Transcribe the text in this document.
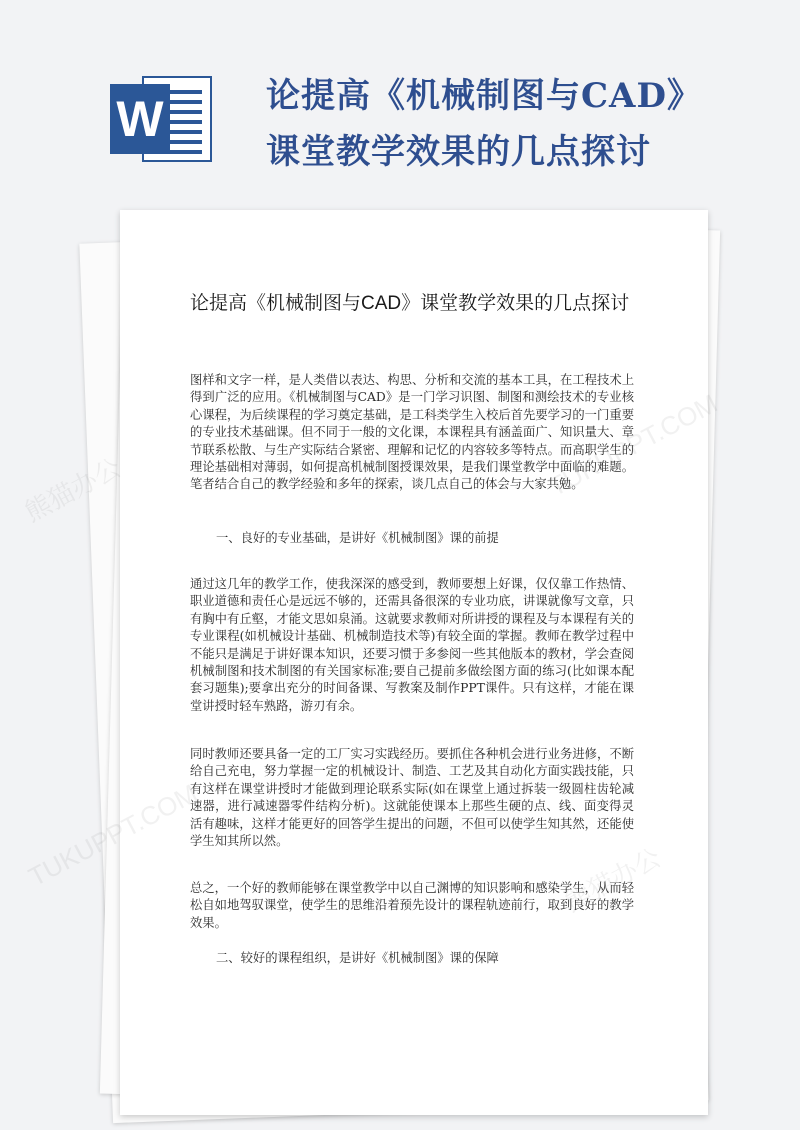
W	论提高《机械制图与CAD》
课堂教学效果的几点探讨
论提高《机械制图与CAD》课堂教学效果的几点探讨

图样和文字一样，是人类借以表达、构思、分析和交流的基本工具，在工程技术上得到广泛的应用。《机械制图与CAD》是一门学习识图、制图和测绘技术的专业核心课程，为后续课程的学习奠定基础，是工科类学生入校后首先要学习的一门重要的专业技术基础课。但不同于一般的文化课，本课程具有涵盖面广、知识量大、章节联系松散、与生产实际结合紧密、理解和记忆的内容较多等特点。而高职学生的理论基础相对薄弱，如何提高机械制图授课效果，是我们课堂教学中面临的难题。笔者结合自己的教学经验和多年的探索，谈几点自己的体会与大家共勉。

一、良好的专业基础，是讲好《机械制图》课的前提

通过这几年的教学工作，使我深深的感受到，教师要想上好课，仅仅靠工作热情、职业道德和责任心是远远不够的，还需具备很深的专业功底，讲课就像写文章，只有胸中有丘壑，才能文思如泉涌。这就要求教师对所讲授的课程及与本课程有关的专业课程(如机械设计基础、机械制造技术等)有较全面的掌握。教师在教学过程中不能只是满足于讲好课本知识，还要习惯于多参阅一些其他版本的教材，学会查阅机械制图和技术制图的有关国家标准;要自己提前多做绘图方面的练习(比如课本配套习题集);要拿出充分的时间备课、写教案及制作PPT课件。只有这样，才能在课堂讲授时轻车熟路，游刃有余。

同时教师还要具备一定的工厂实习实践经历。要抓住各种机会进行业务进修，不断给自己充电，努力掌握一定的机械设计、制造、工艺及其自动化方面实践技能，只有这样在课堂讲授时才能做到理论联系实际(如在课堂上通过拆装一级圆柱齿轮减速器，进行减速器零件结构分析)。这就能使课本上那些生硬的点、线、面变得灵活有趣味，这样才能更好的回答学生提出的问题，不但可以使学生知其然，还能使学生知其所以然。

总之，一个好的教师能够在课堂教学中以自己渊博的知识影响和感染学生，从而轻松自如地驾驭课堂，使学生的思维沿着预先设计的课程轨迹前行，取到良好的教学效果。

二、较好的课程组织，是讲好《机械制图》课的保障

熊猫办公
